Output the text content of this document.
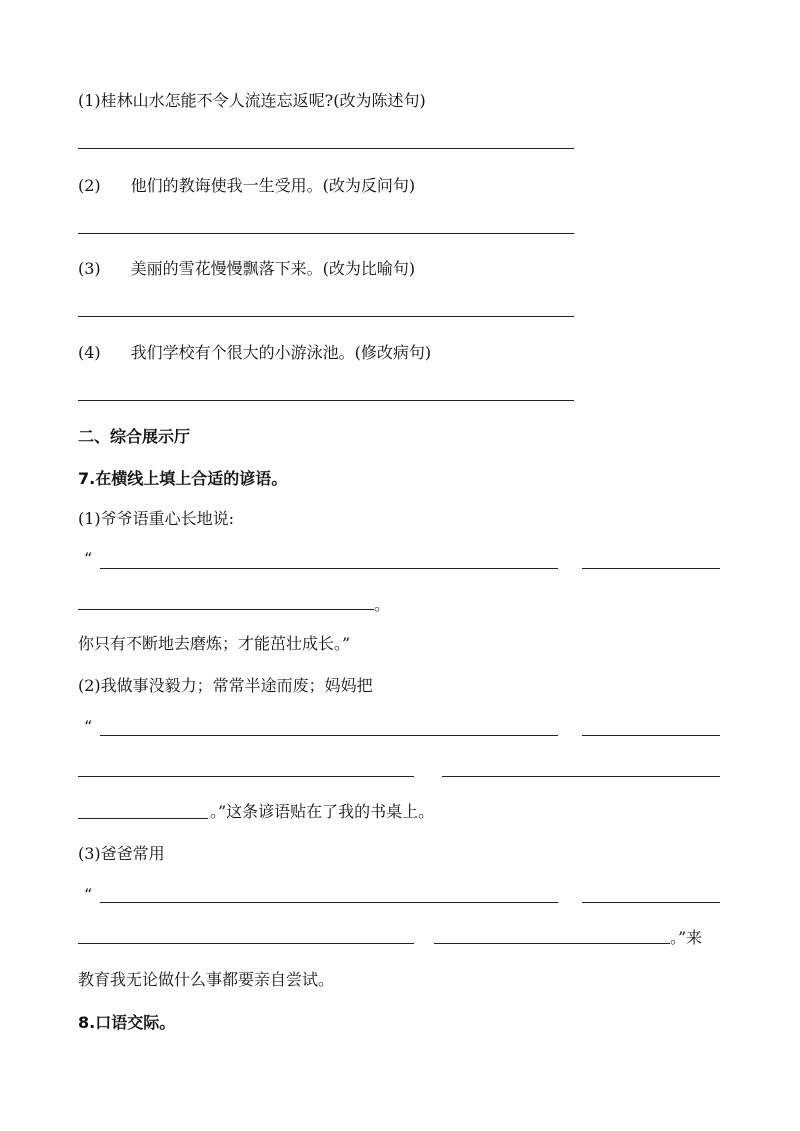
(1)桂林山水怎能不令人流连忘返呢?(改为陈述句)
(2) 他们的教诲使我一生受用。(改为反问句)
(3) 美丽的雪花慢慢飘落下来。(改为比喻句)
(4) 我们学校有个很大的小游泳池。(修改病句)
二、综合展示厅
7.在横线上填上合适的谚语。
(1)爷爷语重心长地说:
“
。
你只有不断地去磨炼；才能茁壮成长。”
(2)我做事没毅力；常常半途而废；妈妈把
“
。”这条谚语贴在了我的书桌上。
(3)爸爸常用
“
。”来
教育我无论做什么事都要亲自尝试。
8.口语交际。
